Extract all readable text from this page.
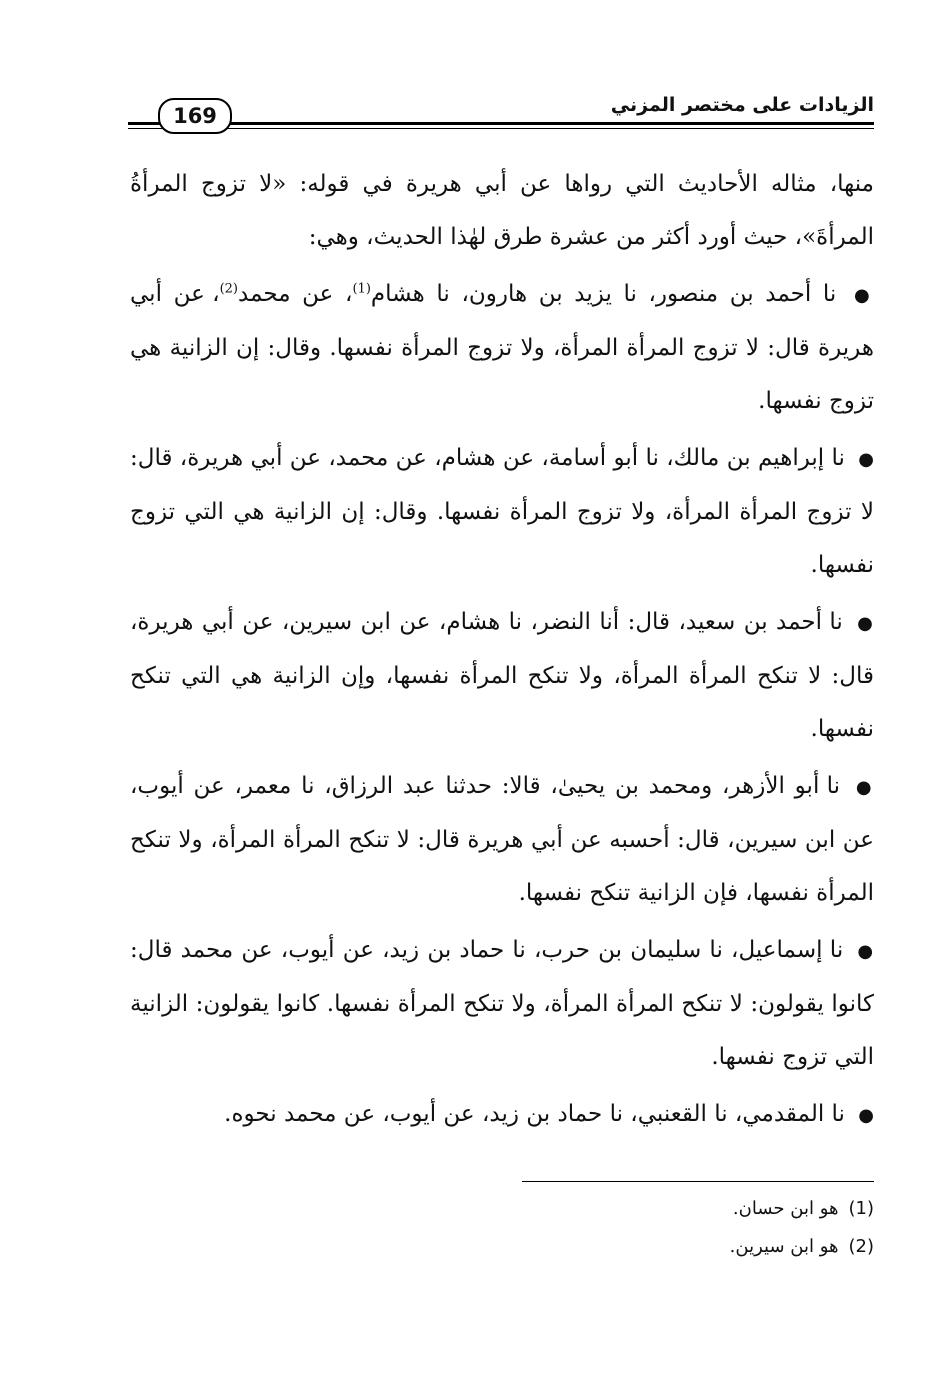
الزيادات على مختصر المزني
169

منها، مثاله الأحاديث التي رواها عن أبي هريرة في قوله: «لا تزوج المرأةُ المرأةَ»، حيث أورد أكثر من عشرة طرق لهٰذا الحديث، وهي:

● نا أحمد بن منصور، نا يزيد بن هارون، نا هشام$^{(1)}$، عن محمد$^{(2)}$، عن أبي هريرة قال: لا تزوج المرأة المرأة، ولا تزوج المرأة نفسها. وقال: إن الزانية هي تزوج نفسها.

● نا إبراهيم بن مالك، نا أبو أسامة، عن هشام، عن محمد، عن أبي هريرة، قال: لا تزوج المرأة المرأة، ولا تزوج المرأة نفسها. وقال: إن الزانية هي التي تزوج نفسها.

● نا أحمد بن سعيد، قال: أنا النضر، نا هشام، عن ابن سيرين، عن أبي هريرة، قال: لا تنكح المرأة المرأة، ولا تنكح المرأة نفسها، وإن الزانية هي التي تنكح نفسها.

● نا أبو الأزهر، ومحمد بن يحيىٰ، قالا: حدثنا عبد الرزاق، نا معمر، عن أيوب، عن ابن سيرين، قال: أحسبه عن أبي هريرة قال: لا تنكح المرأة المرأة، ولا تنكح المرأة نفسها، فإن الزانية تنكح نفسها.

● نا إسماعيل، نا سليمان بن حرب، نا حماد بن زيد، عن أيوب، عن محمد قال: كانوا يقولون: لا تنكح المرأة المرأة، ولا تنكح المرأة نفسها. كانوا يقولون: الزانية التي تزوج نفسها.

● نا المقدمي، نا القعنبي، نا حماد بن زيد، عن أيوب، عن محمد نحوه.

(1)هو ابن حسان.
(2)هو ابن سيرين.
